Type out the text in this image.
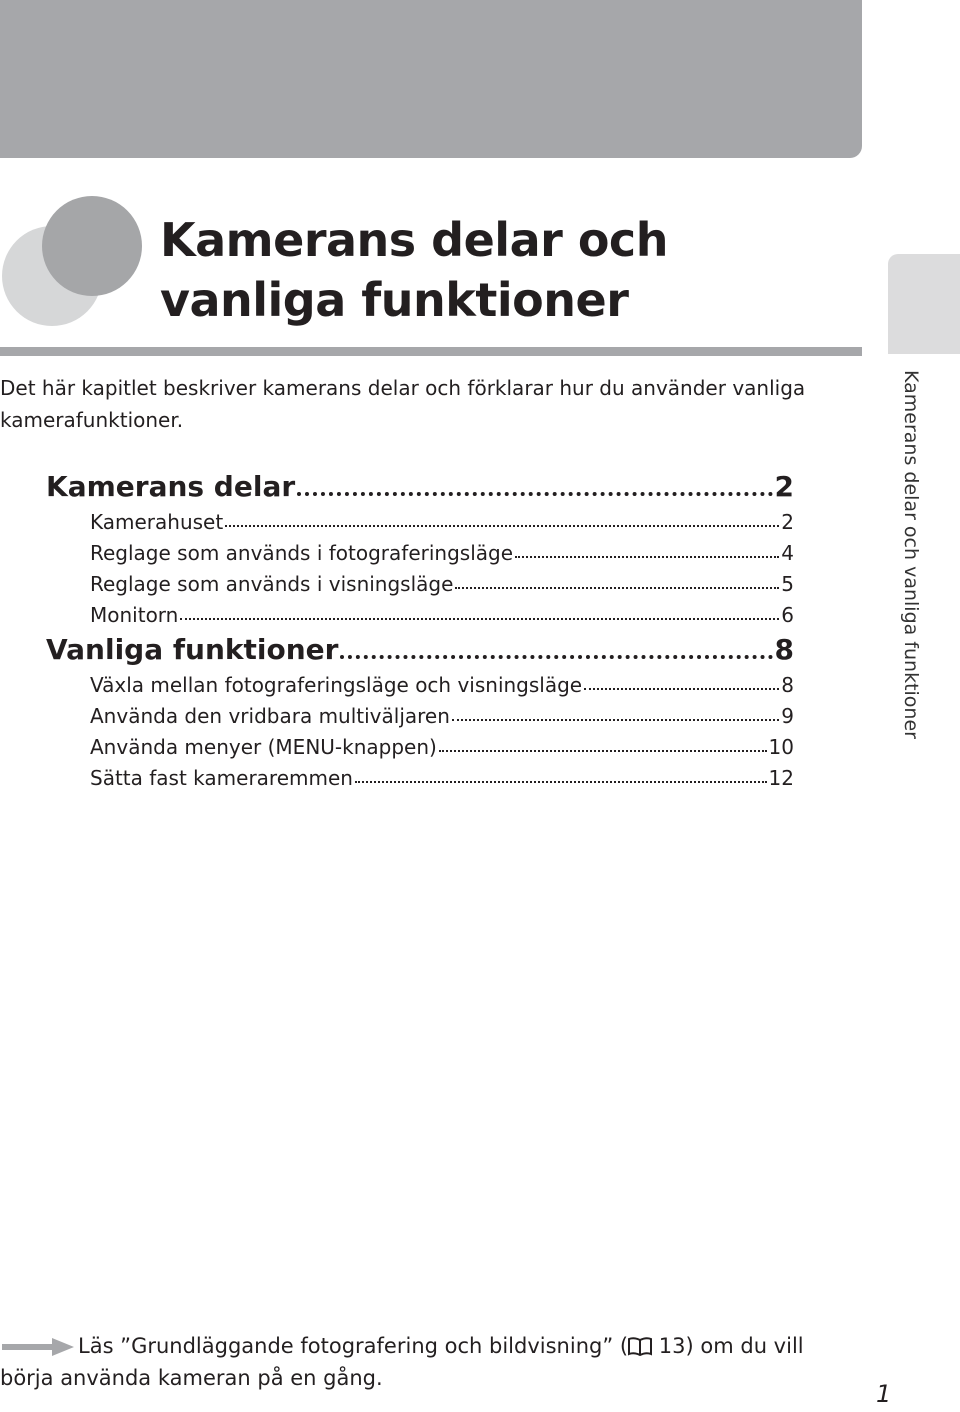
Kamerans delar och vanliga funktioner
Kamerans delar och vanliga funktioner

Det här kapitlet beskriver kamerans delar och förklarar hur du använder vanliga kamerafunktioner.

Kamerans delar	2
Kamerahuset	2
Reglage som används i fotograferingsläge	4
Reglage som används i visningsläge	5
Monitorn	6
Vanliga funktioner	8
Växla mellan fotograferingsläge och visningsläge	8
Använda den vridbara multiväljaren	9
Använda menyer (MENU-knappen)	10
Sätta fast kameraremmen	12

Läs ”Grundläggande fotografering och bildvisning” ( 13) om du vill börja använda kameran på en gång.

1
